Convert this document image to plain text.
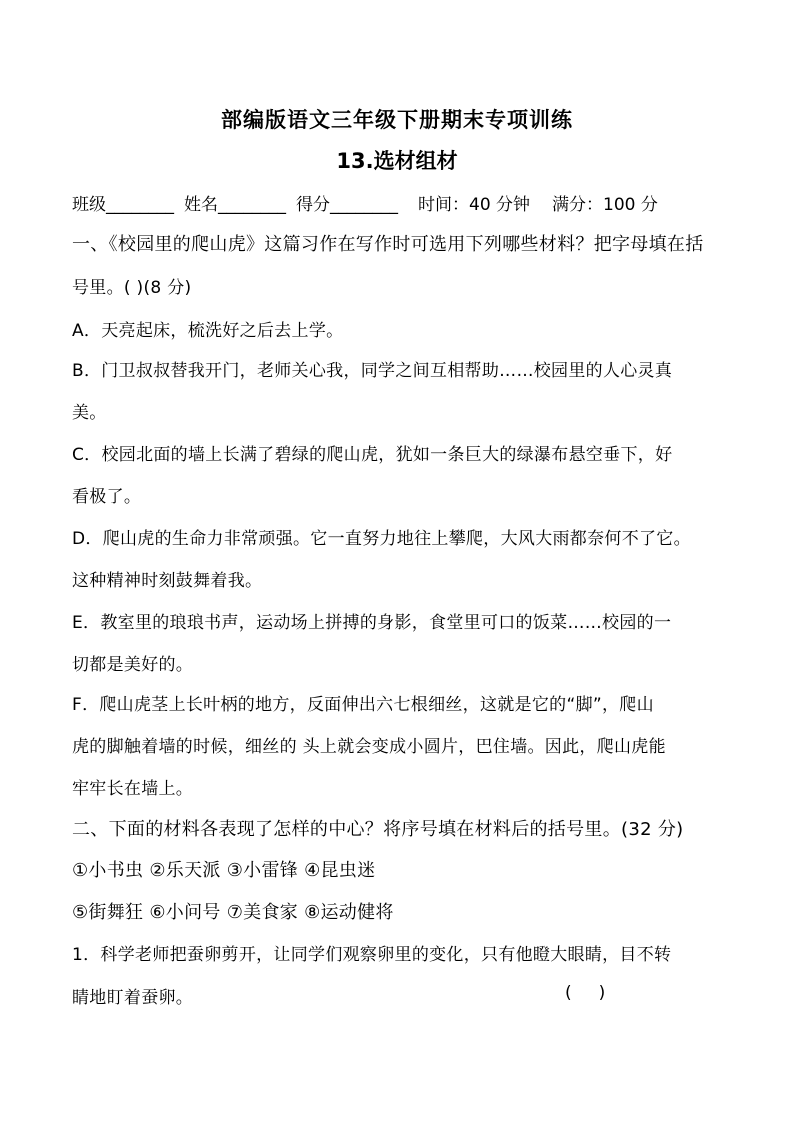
部编版语文三年级下册期末专项训练
13.选材组材
班级________ 姓名________ 得分________ 时间：40 分钟 满分：100 分
一、《校园里的爬山虎》这篇习作在写作时可选用下列哪些材料？把字母填在括
号里。( )(8 分)
A．天亮起床，梳洗好之后去上学。
B．门卫叔叔替我开门，老师关心我，同学之间互相帮助……校园里的人心灵真
美。
C．校园北面的墙上长满了碧绿的爬山虎，犹如一条巨大的绿瀑布悬空垂下，好
看极了。
D．爬山虎的生命力非常顽强。它一直努力地往上攀爬，大风大雨都奈何不了它。
这种精神时刻鼓舞着我。
E．教室里的琅琅书声，运动场上拼搏的身影，食堂里可口的饭菜……校园的一
切都是美好的。
F．爬山虎茎上长叶柄的地方，反面伸出六七根细丝，这就是它的“脚”，爬山
虎的脚触着墙的时候，细丝的 头上就会变成小圆片，巴住墙。因此，爬山虎能
牢牢长在墙上。
二、下面的材料各表现了怎样的中心？将序号填在材料后的括号里。(32 分)
①小书虫 ②乐天派 ③小雷锋 ④昆虫迷
⑤街舞狂 ⑥小问号 ⑦美食家 ⑧运动健将
1．科学老师把蚕卵剪开，让同学们观察卵里的变化，只有他瞪大眼睛，目不转
睛地盯着蚕卵。	(     )
